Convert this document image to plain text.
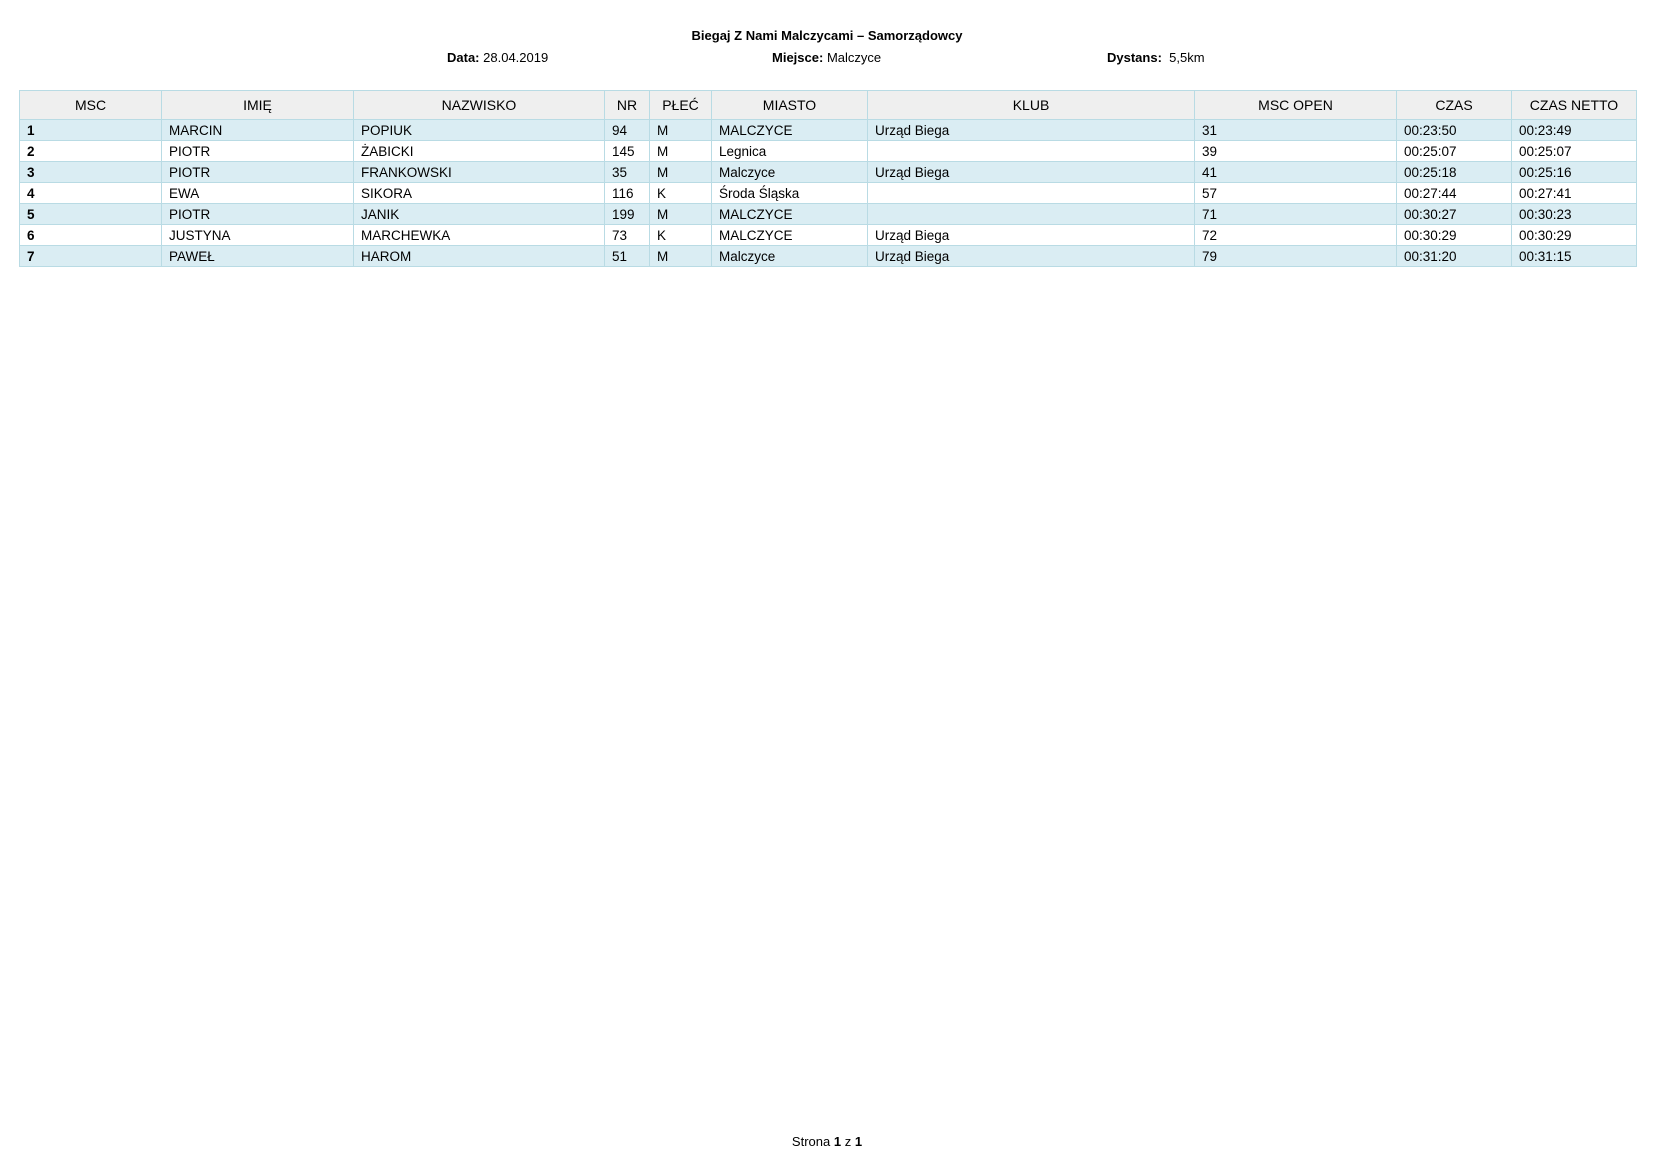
Biegaj Z Nami Malczycami – Samorządowcy
Data: 28.04.2019	Miejsce: Malczyce	Dystans: 5,5km
MSC	IMIĘ	NAZWISKO	NR	PŁEĆ	MIASTO	KLUB	MSC OPEN	CZAS	CZAS NETTO
1	MARCIN	POPIUK	94	M	MALCZYCE	Urząd Biega	31	00:23:50	00:23:49
2	PIOTR	ŻABICKI	145	M	Legnica		39	00:25:07	00:25:07
3	PIOTR	FRANKOWSKI	35	M	Malczyce	Urząd Biega	41	00:25:18	00:25:16
4	EWA	SIKORA	116	K	Środa Śląska		57	00:27:44	00:27:41
5	PIOTR	JANIK	199	M	MALCZYCE		71	00:30:27	00:30:23
6	JUSTYNA	MARCHEWKA	73	K	MALCZYCE	Urząd Biega	72	00:30:29	00:30:29
7	PAWEŁ	HAROM	51	M	Malczyce	Urząd Biega	79	00:31:20	00:31:15
Strona 1 z 1
